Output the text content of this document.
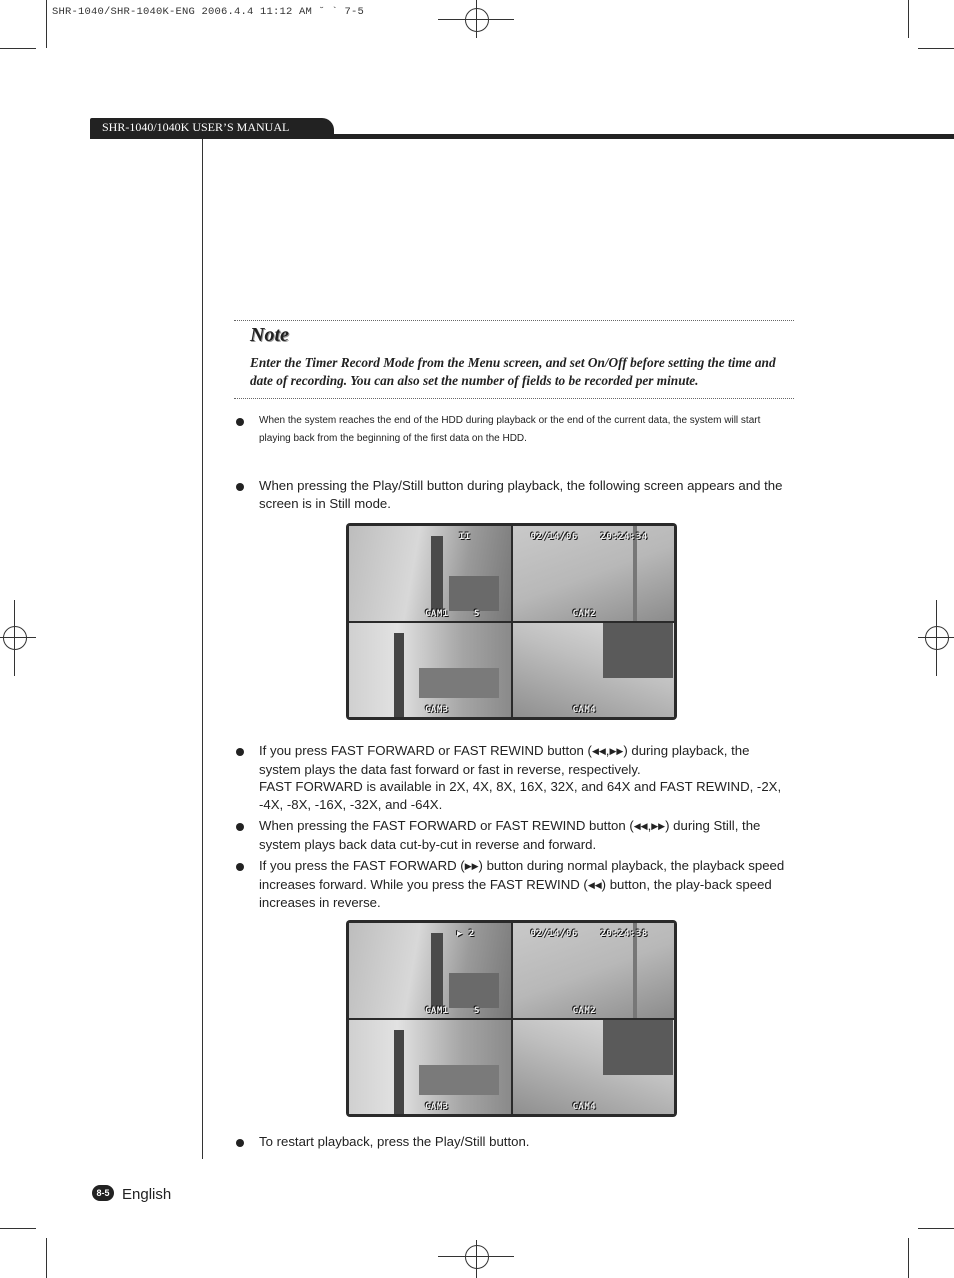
SHR-1040/SHR-1040K-ENG 2006.4.4 11:12 AM ˘ ` 7-5
SHR-1040/1040K USER’S MANUAL
Note
Enter the Timer Record Mode from the Menu screen, and set On/Off before setting the time and date of recording. You can also set the number of fields to be recorded per minute.
When the system reaches the end of the HDD during playback or the end of the current data, the system will start playing back from the beginning of the first data on the HDD.
When pressing the Play/Still button during playback, the following screen appears and the screen is in Still mode.
CAM1	S
II	02/14/06	20:24:34
CAM2
CAM3	CAM4
If you press FAST FORWARD or FAST REWIND button (◀◀,▶▶) during playback, the system plays the data fast forward or fast in reverse, respectively.
FAST FORWARD is available in 2X, 4X, 8X, 16X, 32X, and 64X and FAST REWIND, -2X, -4X, -8X, -16X, -32X, and -64X.
When pressing the FAST FORWARD or FAST REWIND button (◀◀,▶▶) during Still, the system plays back data cut-by-cut in reverse and forward.
If you press the FAST FORWARD (▶▶) button during normal playback, the playback speed increases forward. While you press the FAST REWIND (◀◀) button, the play-back speed increases in reverse.
CAM1	S
▶ 2	02/14/06	20:24:38
CAM2
CAM3	CAM4
To restart playback, press the Play/Still button.
8-5 English
